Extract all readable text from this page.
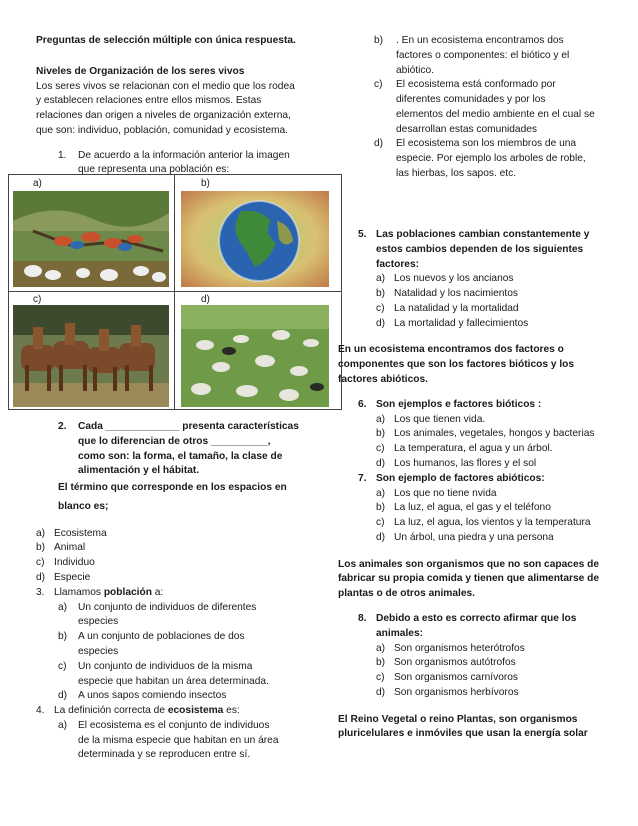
Preguntas de selección múltiple con única respuesta.

Niveles de Organización de los seres vivos

Los seres vivos se relacionan con el medio que los rodea

y establecen relaciones entre ellos mismos. Estas

relaciones dan origen a niveles de organización externa,

que son: individuo, población, comunidad y ecosistema.

1. De acuerdo a la información anterior la imagen

que representa una población es:

a)	b)
c)	d)
2. Cada _____________ presenta características

que lo diferencian de otros __________,

como son: la forma, el tamaño, la clase de

alimentación y el hábitat.

El término que corresponde en los espacios en

blanco es;

a) Ecosistema
b) Animal
c) Individuo
d) Especie
3. Llamamos población a:
a) Un conjunto de individuos de diferentes

especies

b) A un conjunto de poblaciones de dos

especies

c) Un conjunto de individuos de la misma

especie que habitan un área determinada.

d) A unos sapos comiendo insectos

4. La definición correcta de ecosistema es:
a) El ecosistema es el conjunto de individuos

de la misma especie que habitan en un área

determinada y se reproducen entre sí.

b) . En un ecosistema encontramos dos

factores o componentes: el biótico y el

abiótico.

c) El ecosistema está conformado por

diferentes comunidades y por los

elementos del medio ambiente en el cual se

desarrollan estas comunidades

d) El ecosistema son los miembros de una

especie. Por ejemplo los arboles de roble,

las hierbas, los sapos. etc.

5. Las poblaciones cambian constantemente y

estos cambios dependen de los siguientes

factores:

a) Los nuevos y los ancianos
b) Natalidad y los nacimientos
c) La natalidad y la mortalidad
d) La mortalidad y fallecimientos

En un ecosistema encontramos dos factores o

componentes que son los factores bióticos y los

factores abióticos.

6. Son ejemplos e factores bióticos :
a) Los que tienen vida.
b) Los animales, vegetales, hongos y bacterias
c) La temperatura, el agua y un árbol.
d) Los humanos, las flores y el sol
7. Son ejemplo de factores abióticos:
a) Los que no tiene nvida
b) La luz, el agua, el gas y el teléfono
c) La luz, el agua, los vientos y la temperatura
d) Un árbol, una piedra y una persona

Los animales son organismos que no son capaces de

fabricar su propia comida y tienen que alimentarse de

plantas o de otros animales.

8. Debido a esto es correcto afirmar que los

animales:

a) Son organismos heterótrofos
b) Son organismos autótrofos
c) Son organismos carnívoros
d) Son organismos herbívoros

El Reino Vegetal o reino Plantas, son organismos

pluricelulares e inmóviles que usan la energía solar
